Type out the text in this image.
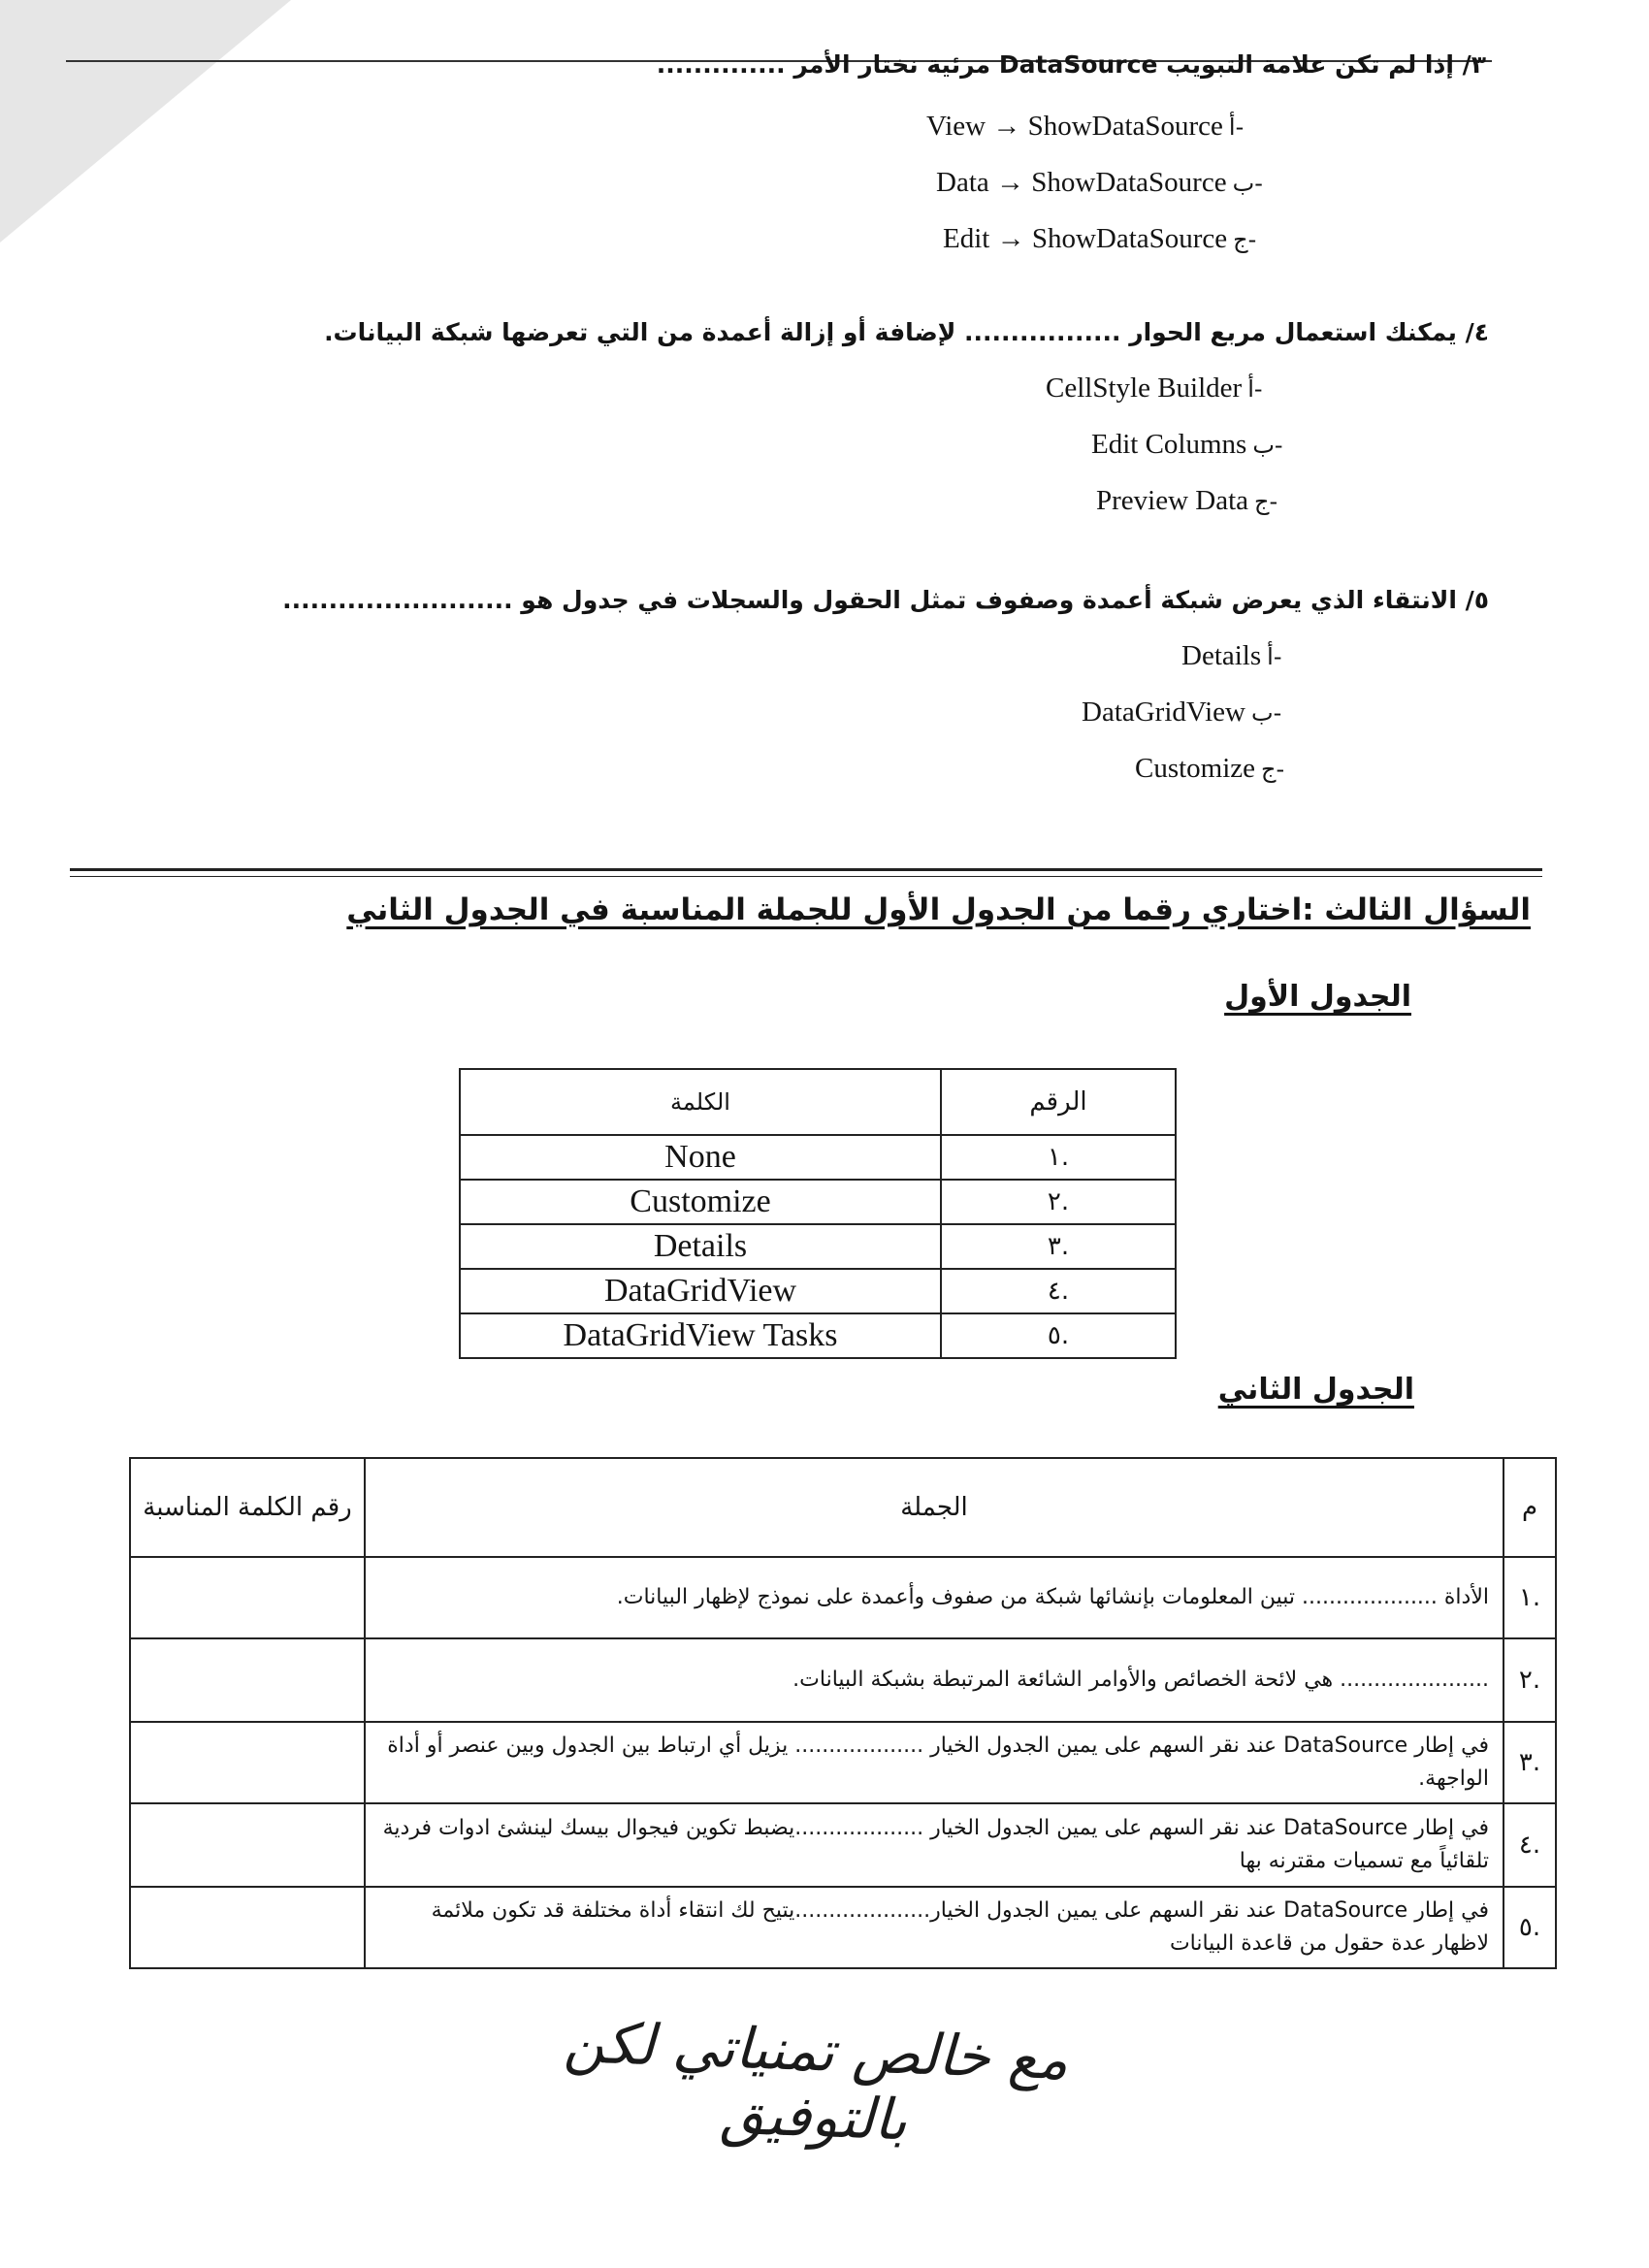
٣/ إذا لم تكن علامة التبويب DataSource مرئية نختار الأمر ..............
View → ShowDataSource أ-
Data → ShowDataSource ب-
Edit → ShowDataSource ج-
٤/ يمكنك استعمال مربع الحوار ................. لإضافة أو إزالة أعمدة من التي تعرضها شبكة البيانات.
CellStyle Builder أ-
Edit Columns ب-
Preview Data ج-
٥/ الانتقاء الذي يعرض شبكة أعمدة وصفوف تمثل الحقول والسجلات في جدول هو .........................
Details أ-
DataGridView ب-
Customize ج-
السؤال الثالث :اختاري رقما من الجدول الأول للجملة المناسبة في الجدول الثاني
الجدول الأول
الكلمة	الرقم
None	١.
Customize	٢.
Details	٣.
DataGridView	٤.
DataGridView Tasks	٥.
الجدول الثاني
رقم الكلمة المناسبة	الجملة	م
	الأداة .................... تبين المعلومات بإنشائها شبكة من صفوف وأعمدة على نموذج لإظهار البيانات.	١.
	...................... هي لائحة الخصائص والأوامر الشائعة المرتبطة بشبكة البيانات.	٢.
	في إطار DataSource عند نقر السهم على يمين الجدول الخيار ................... يزيل أي ارتباط بين الجدول وبين عنصر أو أداة الواجهة.	٣.
	في إطار DataSource عند نقر السهم على يمين الجدول الخيار ...................يضبط تكوين فيجوال بيسك لينشئ ادوات فردية تلقائياً مع تسميات مقترنه بها	٤.
	في إطار DataSource عند نقر السهم على يمين الجدول الخيار....................يتيح لك انتقاء أداة مختلفة قد تكون ملائمة لاظهار عدة حقول من قاعدة البيانات	٥.
مع خالص تمنياتي لكن بالتوفيق
